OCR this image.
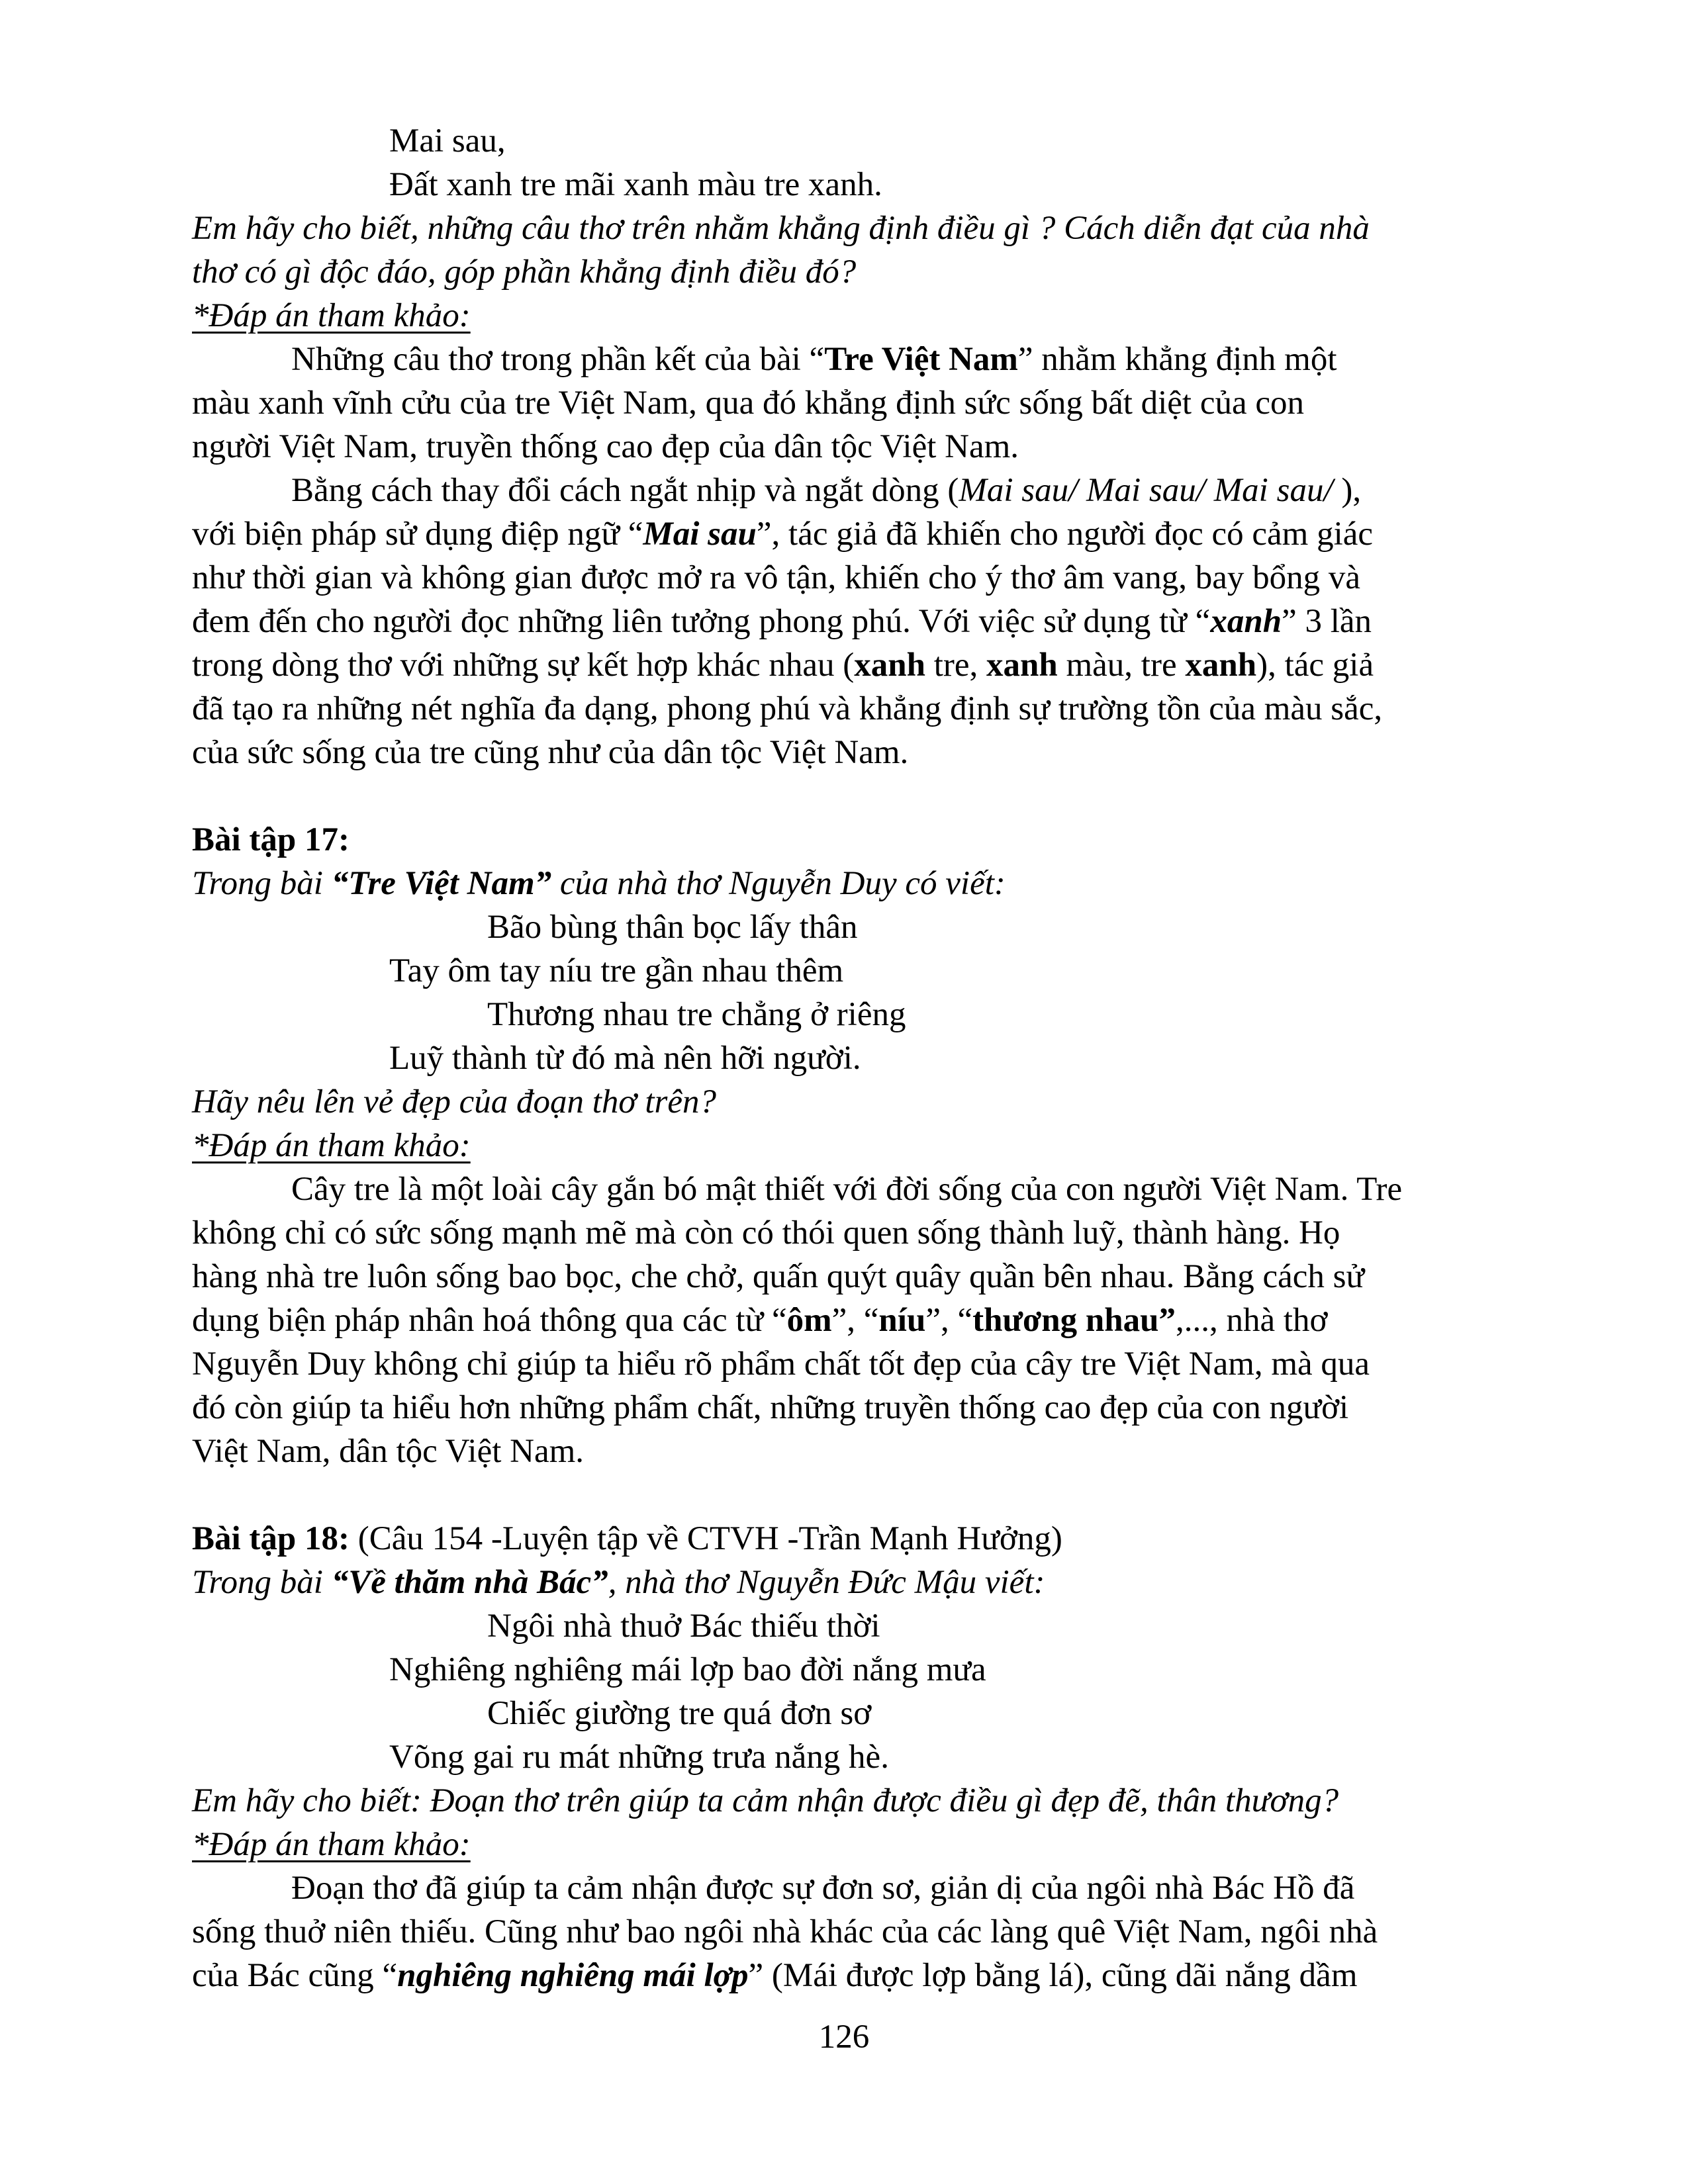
Mai sau,
Đất xanh tre mãi xanh màu tre xanh.
Em hãy cho biết, những câu thơ trên nhằm khẳng định điều gì ? Cách diễn đạt của nhà
thơ có gì độc đáo, góp phần khẳng định điều đó?
*Đáp án tham khảo:
Những câu thơ trong phần kết của bài “Tre Việt Nam” nhằm khẳng định một
màu xanh vĩnh cửu của tre Việt Nam, qua đó khẳng định sức sống bất diệt của con
người Việt Nam, truyền thống cao đẹp của dân tộc Việt Nam.
Bằng cách thay đổi cách ngắt nhịp và ngắt dòng (Mai sau/ Mai sau/ Mai sau/ ),
với biện pháp sử dụng điệp ngữ “Mai sau”, tác giả đã khiến cho người đọc có cảm giác
như thời gian và không gian được mở ra vô tận, khiến cho ý thơ âm vang, bay bổng và
đem đến cho người đọc những liên tưởng phong phú. Với việc sử dụng từ “xanh” 3 lần
trong dòng thơ với những sự kết hợp khác nhau (xanh tre, xanh màu, tre xanh), tác giả
đã tạo ra những nét nghĩa đa dạng, phong phú và khẳng định sự trường tồn của màu sắc,
của sức sống của tre cũng như của dân tộc Việt Nam.
Bài tập 17:
Trong bài “Tre Việt Nam” của nhà thơ Nguyễn Duy có viết:
Bão bùng thân bọc lấy thân
Tay ôm tay níu tre gần nhau thêm
Thương nhau tre chẳng ở riêng
Luỹ thành từ đó mà nên hỡi người.
Hãy nêu lên vẻ đẹp của đoạn thơ trên?
*Đáp án tham khảo:
Cây tre là một loài cây gắn bó mật thiết với đời sống của con người Việt Nam. Tre
không chỉ có sức sống mạnh mẽ mà còn có thói quen sống thành luỹ, thành hàng. Họ
hàng nhà tre luôn sống bao bọc, che chở, quấn quýt quây quần bên nhau. Bằng cách sử
dụng biện pháp nhân hoá thông qua các từ “ôm”, “níu”, “thương nhau”,..., nhà thơ
Nguyễn Duy không chỉ giúp ta hiểu rõ phẩm chất tốt đẹp của cây tre Việt Nam, mà qua
đó còn giúp ta hiểu hơn những phẩm chất, những truyền thống cao đẹp của con người
Việt Nam, dân tộc Việt Nam.
Bài tập 18: (Câu 154 -Luyện tập về CTVH -Trần Mạnh Hưởng)
Trong bài “Về thăm nhà Bác”, nhà thơ Nguyễn Đức Mậu viết:
Ngôi nhà thuở Bác thiếu thời
Nghiêng nghiêng mái lợp bao đời nắng mưa
Chiếc giường tre quá đơn sơ
Võng gai ru mát những trưa nắng hè.
Em hãy cho biết: Đoạn thơ trên giúp ta cảm nhận được điều gì đẹp đẽ, thân thương?
*Đáp án tham khảo:
Đoạn thơ đã giúp ta cảm nhận được sự đơn sơ, giản dị của ngôi nhà Bác Hồ đã
sống thuở niên thiếu. Cũng như bao ngôi nhà khác của các làng quê Việt Nam, ngôi nhà
của Bác cũng “nghiêng nghiêng mái lợp” (Mái được lợp bằng lá), cũng dãi nắng dầm
126
